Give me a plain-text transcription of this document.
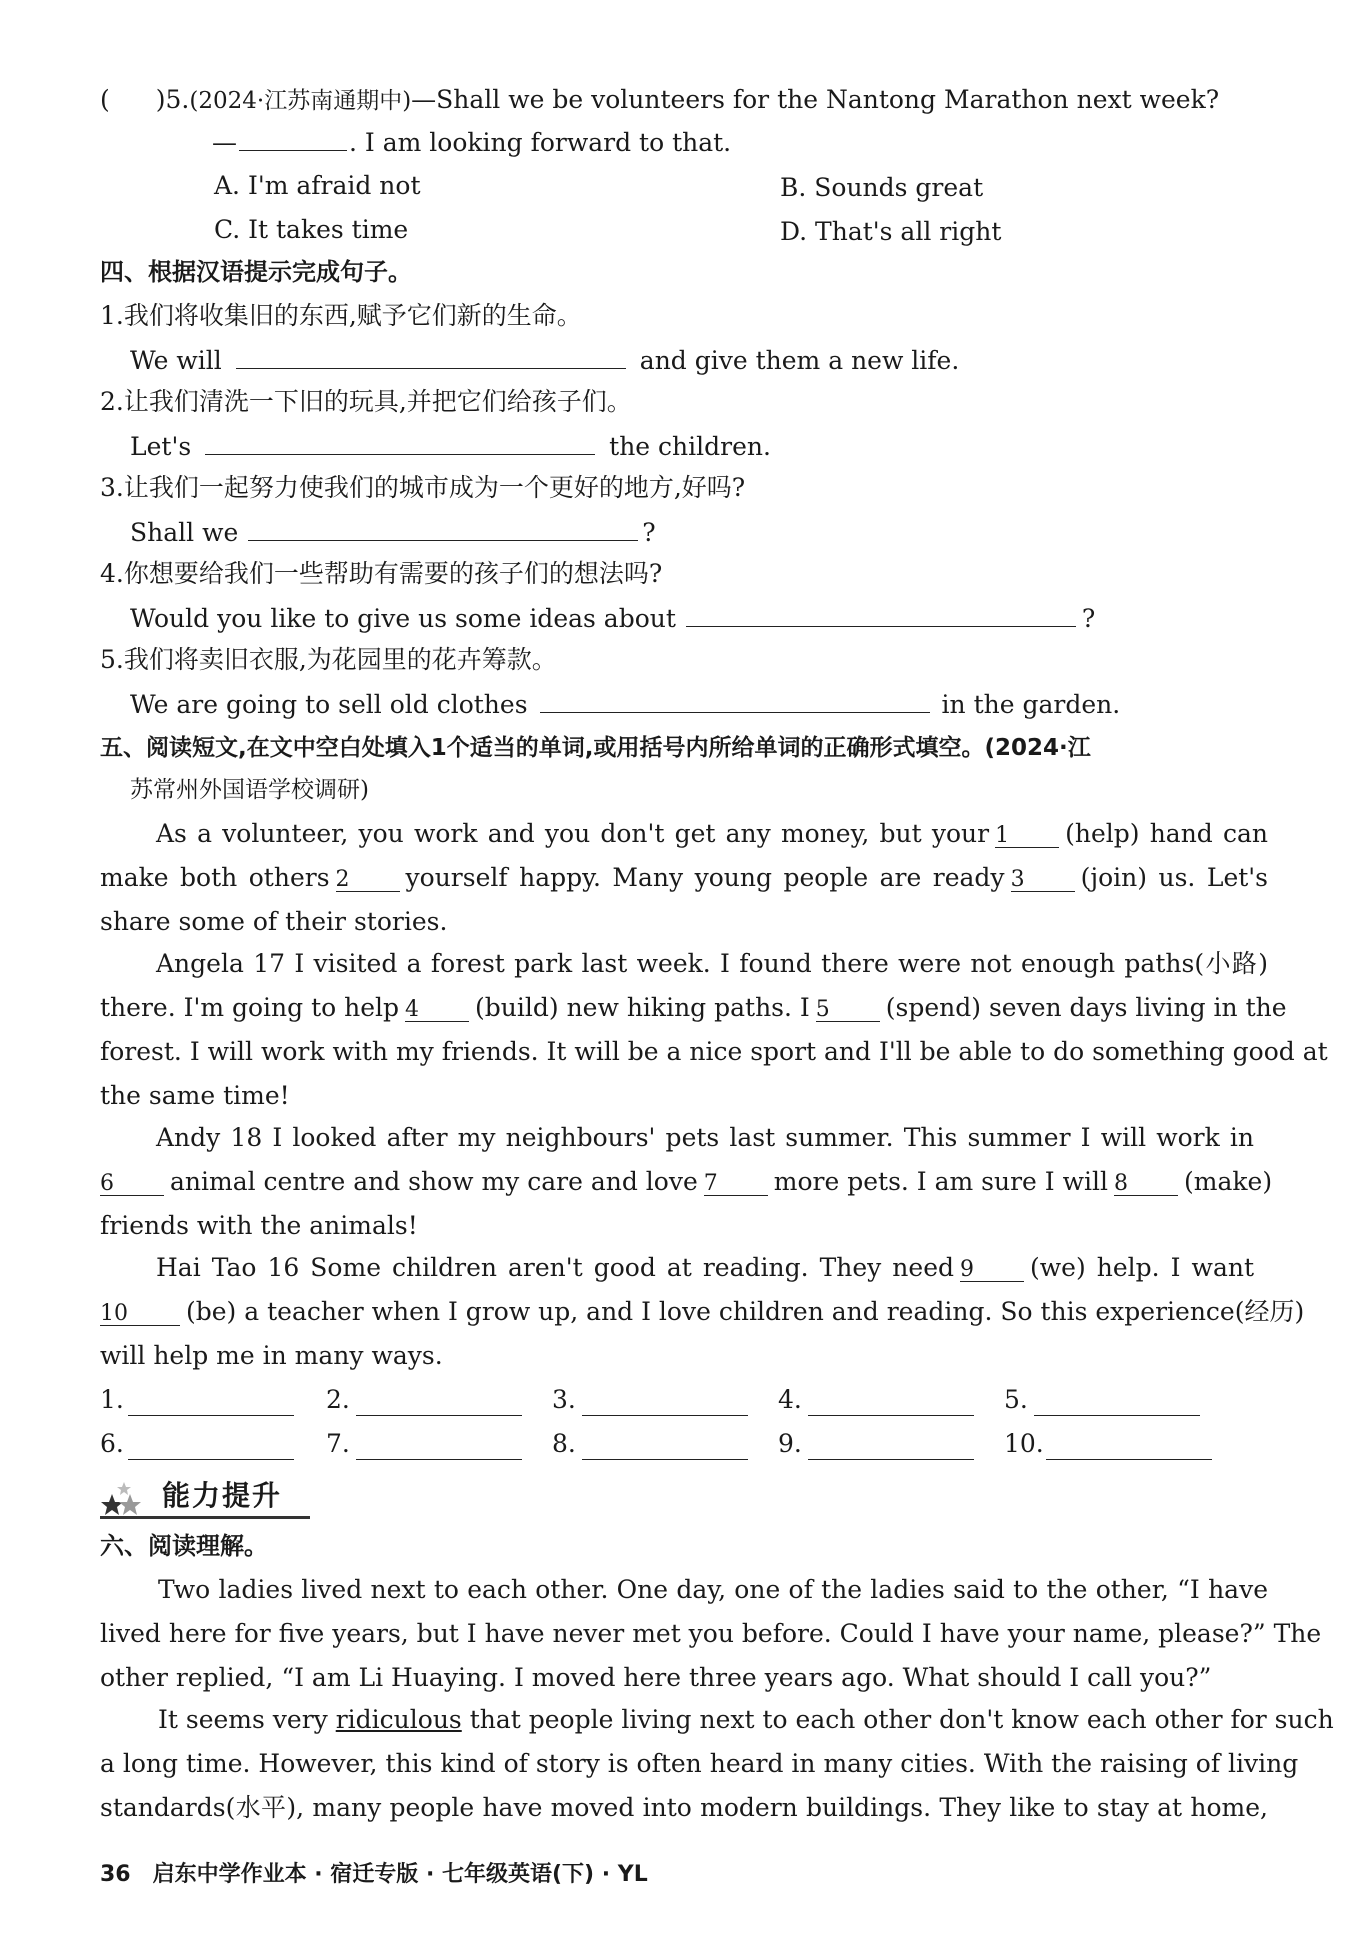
( )5.(2024·江苏南通期中)—Shall we be volunteers for the Nantong Marathon next week?
—	. I am looking forward to that.
A. I'm afraid not	B. Sounds great
C. It takes time	D. That's all right
四、根据汉语提示完成句子。
1.我们将收集旧的东西,赋予它们新的生命。
We will	and give them a new life.
2.让我们清洗一下旧的玩具,并把它们给孩子们。
Let's	the children.
3.让我们一起努力使我们的城市成为一个更好的地方,好吗?
Shall we	?
4.你想要给我们一些帮助有需要的孩子们的想法吗?
Would you like to give us some ideas about	?
5.我们将卖旧衣服,为花园里的花卉筹款。
We are going to sell old clothes	in the garden.
五、阅读短文,在文中空白处填入1个适当的单词,或用括号内所给单词的正确形式填空。(2024·江
苏常州外国语学校调研)
As a volunteer, you work and you don't get any money, but your 1 (help) hand can
make both others 2 yourself happy. Many young people are ready 3 (join) us. Let's
share some of their stories.
Angela 17 I visited a forest park last week. I found there were not enough paths(小路)
there. I'm going to help 4 (build) new hiking paths. I 5 (spend) seven days living in the
forest. I will work with my friends. It will be a nice sport and I'll be able to do something good at
the same time!
Andy 18 I looked after my neighbours' pets last summer. This summer I will work in
6 animal centre and show my care and love 7 more pets. I am sure I will 8 (make)
friends with the animals!
Hai Tao 16 Some children aren't good at reading. They need 9 (we) help. I want
10 (be) a teacher when I grow up, and I love children and reading. So this experience(经历)
will help me in many ways.
1.	2.	3.	4.	5.
6.	7.	8.	9.	10.
能力提升
六、阅读理解。
Two ladies lived next to each other. One day, one of the ladies said to the other, “I have
lived here for five years, but I have never met you before. Could I have your name, please?” The
other replied, “I am Li Huaying. I moved here three years ago. What should I call you?”
It seems very ridiculous that people living next to each other don't know each other for such
a long time. However, this kind of story is often heard in many cities. With the raising of living
standards(水平), many people have moved into modern buildings. They like to stay at home,
36 启东中学作业本 · 宿迁专版 · 七年级英语(下) · YL
